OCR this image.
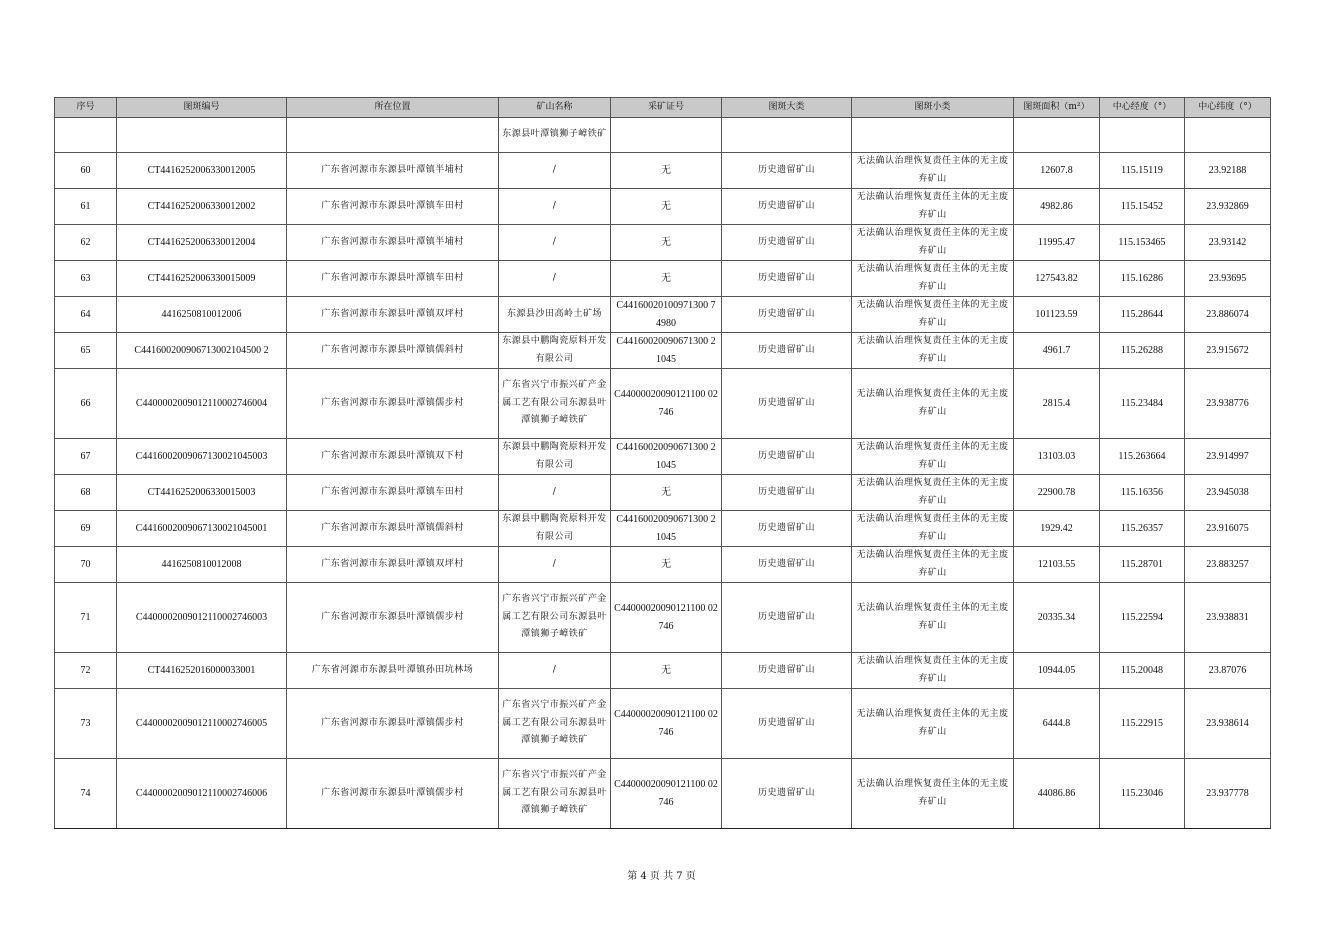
序号	图斑编号	所在位置	矿山名称	采矿证号	图斑大类	图斑小类	图斑面积（m²）	中心经度（°）	中心纬度（°）
			东源县叶潭镇狮子嶂铁矿						
60	CT4416252006330012005	广东省河源市东源县叶潭镇半埔村	/	无	历史遗留矿山	无法确认治理恢复责任主体的无主废弃矿山	12607.8	115.15119	23.92188
61	CT4416252006330012002	广东省河源市东源县叶潭镇车田村	/	无	历史遗留矿山	无法确认治理恢复责任主体的无主废弃矿山	4982.86	115.15452	23.932869
62	CT4416252006330012004	广东省河源市东源县叶潭镇半埔村	/	无	历史遗留矿山	无法确认治理恢复责任主体的无主废弃矿山	11995.47	115.153465	23.93142
63	CT4416252006330015009	广东省河源市东源县叶潭镇车田村	/	无	历史遗留矿山	无法确认治理恢复责任主体的无主废弃矿山	127543.82	115.16286	23.93695
64	441625081001200б	广东省河源市东源县叶潭镇双坪村	东源县沙田高岭土矿场	C44160020100971300 74980	历史遗留矿山	无法确认治理恢复责任主体的无主废弃矿山	101123.59	115.28644	23.886074
65	C441600200906713002104500 2	广东省河源市东源县叶潭镇儒斜村	东源县中鹏陶瓷原料开发有限公司	C44160020090671300 21045	历史遗留矿山	无法确认治理恢复责任主体的无主废弃矿山	4961.7	115.26288	23.915672
66	C4400002009012110002746004	广东省河源市东源县叶潭镇儒步村	广东省兴宁市振兴矿产金属工艺有限公司东源县叶潭镇狮子嶂铁矿	C44000020090121100 02746	历史遗留矿山	无法确认治理恢复责任主体的无主废弃矿山	2815.4	115.23484	23.938776
67	C4416002009067130021045003	广东省河源市东源县叶潭镇双下村	东源县中鹏陶瓷原料开发有限公司	C44160020090671300 21045	历史遗留矿山	无法确认治理恢复责任主体的无主废弃矿山	13103.03	115.263664	23.914997
68	CT4416252006330015003	广东省河源市东源县叶潭镇车田村	/	无	历史遗留矿山	无法确认治理恢复责任主体的无主废弃矿山	22900.78	115.16356	23.945038
69	C4416002009067130021045001	广东省河源市东源县叶潭镇儒斜村	东源县中鹏陶瓷原料开发有限公司	C44160020090671300 21045	历史遗留矿山	无法确认治理恢复责任主体的无主废弃矿山	1929.42	115.26357	23.916075
70	4416250810012008	广东省河源市东源县叶潭镇双坪村	/	无	历史遗留矿山	无法确认治理恢复责任主体的无主废弃矿山	12103.55	115.28701	23.883257
71	C4400002009012110002746003	广东省河源市东源县叶潭镇儒步村	广东省兴宁市振兴矿产金属工艺有限公司东源县叶潭镇狮子嶂铁矿	C44000020090121100 02746	历史遗留矿山	无法确认治理恢复责任主体的无主废弃矿山	20335.34	115.22594	23.938831
72	CT4416252016000033001	广东省河源市东源县叶潭镇孙田坑林场	/	无	历史遗留矿山	无法确认治理恢复责任主体的无主废弃矿山	10944.05	115.20048	23.87076
73	C4400002009012110002746005	广东省河源市东源县叶潭镇儒步村	广东省兴宁市振兴矿产金属工艺有限公司东源县叶潭镇狮子嶂铁矿	C44000020090121100 02746	历史遗留矿山	无法确认治理恢复责任主体的无主废弃矿山	6444.8	115.22915	23.938614
74	C4400002009012110002746006	广东省河源市东源县叶潭镇儒步村	广东省兴宁市振兴矿产金属工艺有限公司东源县叶潭镇狮子嶂铁矿	C44000020090121100 02746	历史遗留矿山	无法确认治理恢复责任主体的无主废弃矿山	44086.86	115.23046	23.937778
第 4 页 共 7 页
